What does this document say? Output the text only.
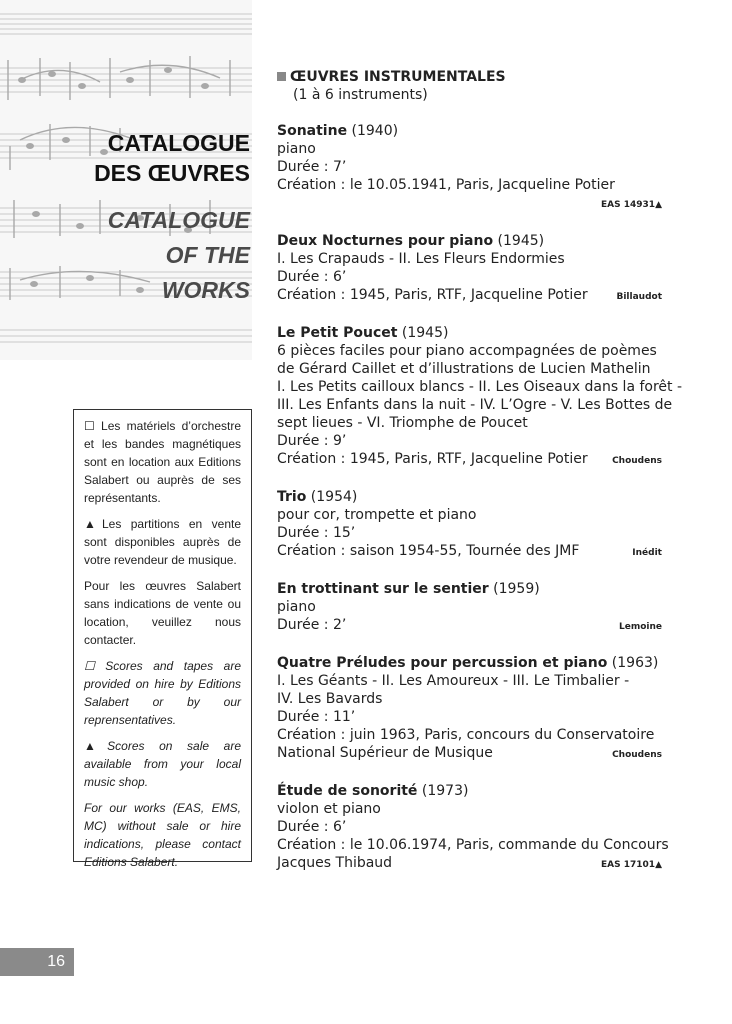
CATALOGUE
DES ŒUVRES
CATALOGUE
OF THE
WORKS

☐ Les matériels d’orchestre et les bandes magnétiques sont en location aux Editions Salabert ou auprès de ses représentants.

▲Les partitions en vente sont disponibles auprès de votre revendeur de musique.

Pour les œuvres Salabert sans indications de vente ou location, veuillez nous contacter.

☐ Scores and tapes are provided on hire by Editions Salabert or by our reprensentatives.

▲Scores on sale are available from your local music shop.

For our works (EAS, EMS, MC) without sale or hire indications, please contact Editions Salabert.

16
ŒUVRES INSTRUMENTALES
(1 à 6 instruments)
Sonatine (1940)
piano
Durée : 7’
Création : le 10.05.1941, Paris, Jacqueline Potier
EAS 14931▲
Deux Nocturnes pour piano (1945)
I. Les Crapauds - II. Les Fleurs Endormies
Durée : 6’
Création : 1945, Paris, RTF, Jacqueline Potier	Billaudot
Le Petit Poucet (1945)
6 pièces faciles pour piano accompagnées de poèmes
de Gérard Caillet et d’illustrations de Lucien Mathelin
I. Les Petits cailloux blancs - II. Les Oiseaux dans la forêt -
III. Les Enfants dans la nuit - IV. L’Ogre - V. Les Bottes de
sept lieues - VI. Triomphe de Poucet
Durée : 9’
Création : 1945, Paris, RTF, Jacqueline Potier	Choudens
Trio (1954)
pour cor, trompette et piano
Durée : 15’
Création : saison 1954-55, Tournée des JMF	Inédit
En trottinant sur le sentier (1959)
piano
Durée : 2’	Lemoine
Quatre Préludes pour percussion et piano (1963)
I. Les Géants - II. Les Amoureux - III. Le Timbalier -
IV. Les Bavards
Durée : 11’
Création : juin 1963, Paris, concours du Conservatoire
National Supérieur de Musique	Choudens
Étude de sonorité (1973)
violon et piano
Durée : 6’
Création : le 10.06.1974, Paris, commande du Concours
Jacques Thibaud	EAS 17101▲
